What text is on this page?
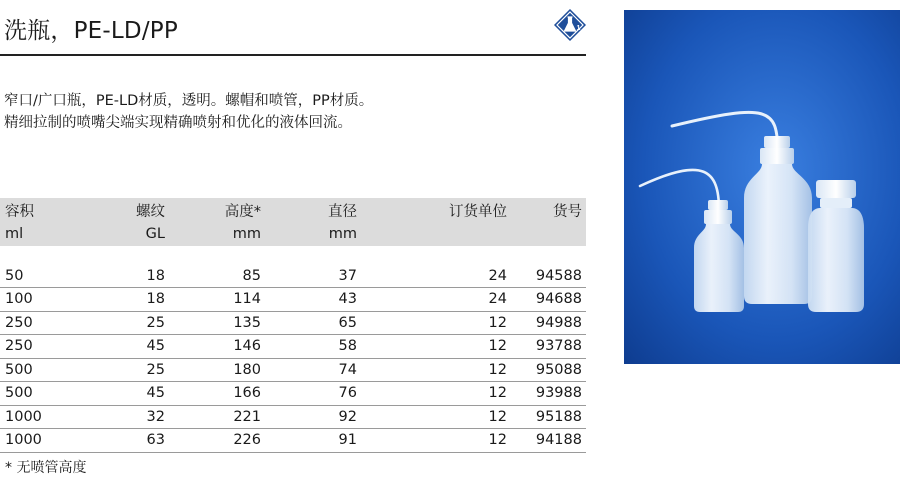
洗瓶，PE-LD/PP	1
窄口/广口瓶，PE-LD材质，透明。螺帽和喷管，PP材质。
精细拉制的喷嘴尖端实现精确喷射和优化的液体回流。
容积	螺纹	高度*	直径	订货单位	货号
ml	GL	mm	mm		

50	18	85	37	24	94588
100	18	114	43	24	94688
250	25	135	65	12	94988
250	45	146	58	12	93788
500	25	180	74	12	95088
500	45	166	76	12	93988
1000	32	221	92	12	95188
1000	63	226	91	12	94188
* 无喷管高度
